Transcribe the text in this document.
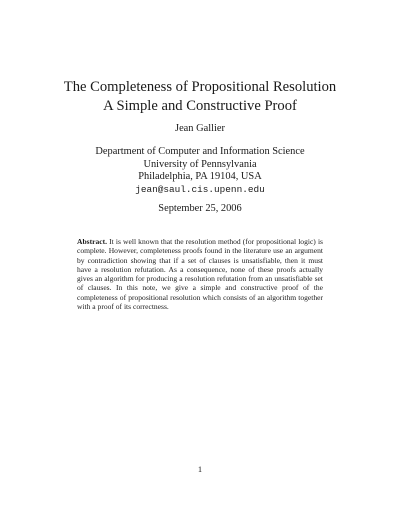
The Completeness of Propositional Resolution
A Simple and Constructive Proof
Jean Gallier
Department of Computer and Information Science
University of Pennsylvania
Philadelphia, PA 19104, USA
jean@saul.cis.upenn.edu
September 25, 2006
Abstract. It is well known that the resolution method (for propositional logic) is complete. However, completeness proofs found in the literature use an argument by contradiction showing that if a set of clauses is unsatisfiable, then it must have a resolution refutation. As a consequence, none of these proofs actually gives an algorithm for producing a resolution refutation from an unsatisfiable set of clauses. In this note, we give a simple and constructive proof of the completeness of propositional resolution which consists of an algorithm together with a proof of its correctness.
1
